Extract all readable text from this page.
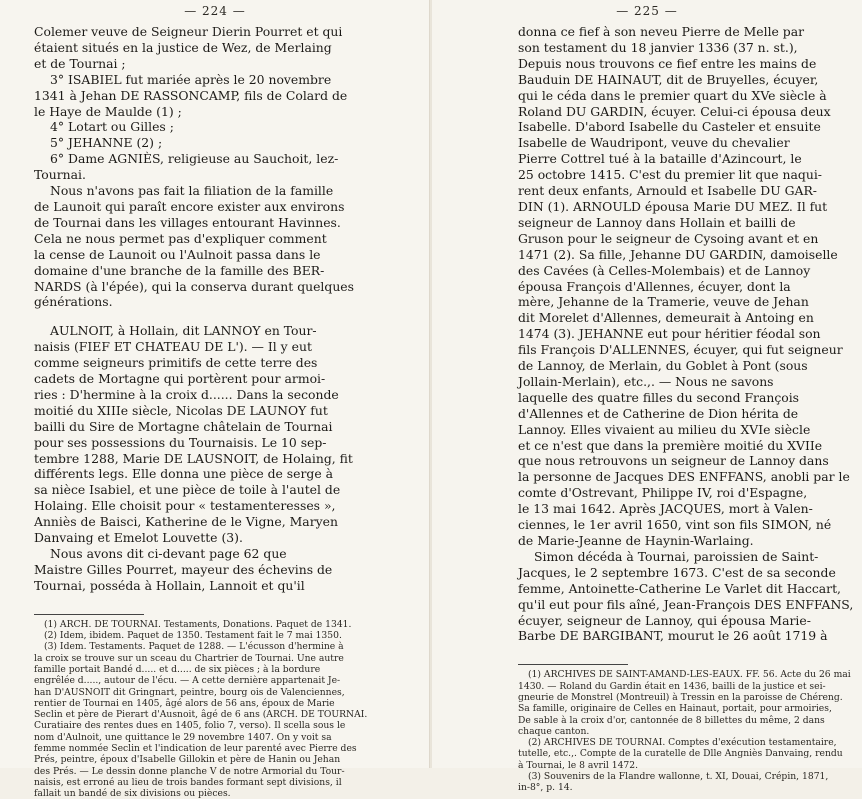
— 224 —
Colemer veuve de Seigneur Dierin Pourret et qui
étaient situés en la justice de Wez, de Merlaing
et de Tournai ;
3° ISABIEL fut mariée après le 20 novembre
1341 à Jehan DE RASSONCAMP, fils de Colard de
le Haye de Maulde (1) ;
4° Lotart ou Gilles ;
5° JEHANNE (2) ;
6° Dame AGNIÈS, religieuse au Sauchoit, lez-
Tournai.
Nous n'avons pas fait la filiation de la famille
de Launoit qui paraît encore exister aux environs
de Tournai dans les villages entourant Havinnes.
Cela ne nous permet pas d'expliquer comment
la cense de Launoit ou l'Aulnoit passa dans le
domaine d'une branche de la famille des BER-
NARDS (à l'épée), qui la conserva durant quelques
générations.
AULNOIT, à Hollain, dit LANNOY en Tour-
naisis (FIEF ET CHATEAU DE L'). — Il y eut
comme seigneurs primitifs de cette terre des
cadets de Mortagne qui portèrent pour armoi-
ries : D'hermine à la croix d...... Dans la seconde
moitié du XIIIe siècle, Nicolas DE LAUNOY fut
bailli du Sire de Mortagne châtelain de Tournai
pour ses possessions du Tournaisis. Le 10 sep-
tembre 1288, Marie DE LAUSNOIT, de Holaing, fit
différents legs. Elle donna une pièce de serge à
sa nièce Isabiel, et une pièce de toile à l'autel de
Holaing. Elle choisit pour « testamenteresses »,
Anniès de Baisci, Katherine de le Vigne, Maryen
Danvaing et Emelot Louvette (3).
Nous avons dit ci-devant page 62 que
Maistre Gilles Pourret, mayeur des échevins de
Tournai, posséda à Hollain, Lannoit et qu'il
(1) ARCH. DE TOURNAI. Testaments, Donations. Paquet de 1341.
(2) Idem, ibidem. Paquet de 1350. Testament fait le 7 mai 1350.
(3) Idem. Testaments. Paquet de 1288. — L'écusson d'hermine à
la croix se trouve sur un sceau du Chartrier de Tournai. Une autre
famille portait Bandé d..... et d..... de six pièces ; à la bordure
engrêlée d....., autour de l'écu. — A cette dernière appartenait Je-
han D'AUSNOIT dit Gringnart, peintre, bourg ois de Valenciennes,
rentier de Tournai en 1405, âgé alors de 56 ans, époux de Marie
Seclin et père de Pierart d'Ausnoit, âgé de 6 ans (ARCH. DE TOURNAI.
Curatiaire des rentes dues en 1405, folio 7, verso). Il scella sous le
nom d'Aulnoit, une quittance le 29 novembre 1407. On y voit sa
femme nommée Seclin et l'indication de leur parenté avec Pierre des
Prés, peintre, époux d'Isabelle Gillokin et père de Hanin ou Jehan
des Prés. — Le dessin donne planche V de notre Armorial du Tour-
naisis, est erroné au lieu de trois bandes formant sept divisions, il
fallait un bandé de six divisions ou pièces.
— 225 —
donna ce fief à son neveu Pierre de Melle par
son testament du 18 janvier 1336 (37 n. st.),
Depuis nous trouvons ce fief entre les mains de
Bauduin DE HAINAUT, dit de Bruyelles, écuyer,
qui le céda dans le premier quart du XVe siècle à
Roland DU GARDIN, écuyer. Celui-ci épousa deux
Isabelle. D'abord Isabelle du Casteler et ensuite
Isabelle de Waudripont, veuve du chevalier
Pierre Cottrel tué à la bataille d'Azincourt, le
25 octobre 1415. C'est du premier lit que naqui-
rent deux enfants, Arnould et Isabelle DU GAR-
DIN (1). ARNOULD épousa Marie DU MEZ. Il fut
seigneur de Lannoy dans Hollain et bailli de
Gruson pour le seigneur de Cysoing avant et en
1471 (2). Sa fille, Jehanne DU GARDIN, damoiselle
des Cavées (à Celles-Molembais) et de Lannoy
épousa François d'Allennes, écuyer, dont la
mère, Jehanne de la Tramerie, veuve de Jehan
dit Morelet d'Allennes, demeurait à Antoing en
1474 (3). JEHANNE eut pour héritier féodal son
fils François D'ALLENNES, écuyer, qui fut seigneur
de Lannoy, de Merlain, du Goblet à Pont (sous
Jollain-Merlain), etc.,. — Nous ne savons
laquelle des quatre filles du second François
d'Allennes et de Catherine de Dion hérita de
Lannoy. Elles vivaient au milieu du XVIe siècle
et ce n'est que dans la première moitié du XVIIe
que nous retrouvons un seigneur de Lannoy dans
la personne de Jacques DES ENFFANS, anobli par le
comte d'Ostrevant, Philippe IV, roi d'Espagne,
le 13 mai 1642. Après JACQUES, mort à Valen-
ciennes, le 1er avril 1650, vint son fils SIMON, né
de Marie-Jeanne de Haynin-Warlaing.
Simon décéda à Tournai, paroissien de Saint-
Jacques, le 2 septembre 1673. C'est de sa seconde
femme, Antoinette-Catherine Le Varlet dit Haccart,
qu'il eut pour fils aîné, Jean-François DES ENFFANS,
écuyer, seigneur de Lannoy, qui épousa Marie-
Barbe DE BARGIBANT, mourut le 26 août 1719 à
(1) ARCHIVES DE SAINT-AMAND-LES-EAUX. FF. 56. Acte du 26 mai
1430. — Roland du Gardin était en 1436, bailli de la justice et sei-
gneurie de Monstrel (Montreuil) à Tressin en la paroisse de Chéreng.
Sa famille, originaire de Celles en Hainaut, portait, pour armoiries,
De sable à la croix d'or, cantonnée de 8 billettes du même, 2 dans
chaque canton.
(2) ARCHIVES DE TOURNAI. Comptes d'exécution testamentaire,
tutelle, etc.,. Compte de la curatelle de Dlle Angniès Danvaing, rendu
à Tournai, le 8 avril 1472.
(3) Souvenirs de la Flandre wallonne, t. XI, Douai, Crépin, 1871,
in-8°, p. 14.
